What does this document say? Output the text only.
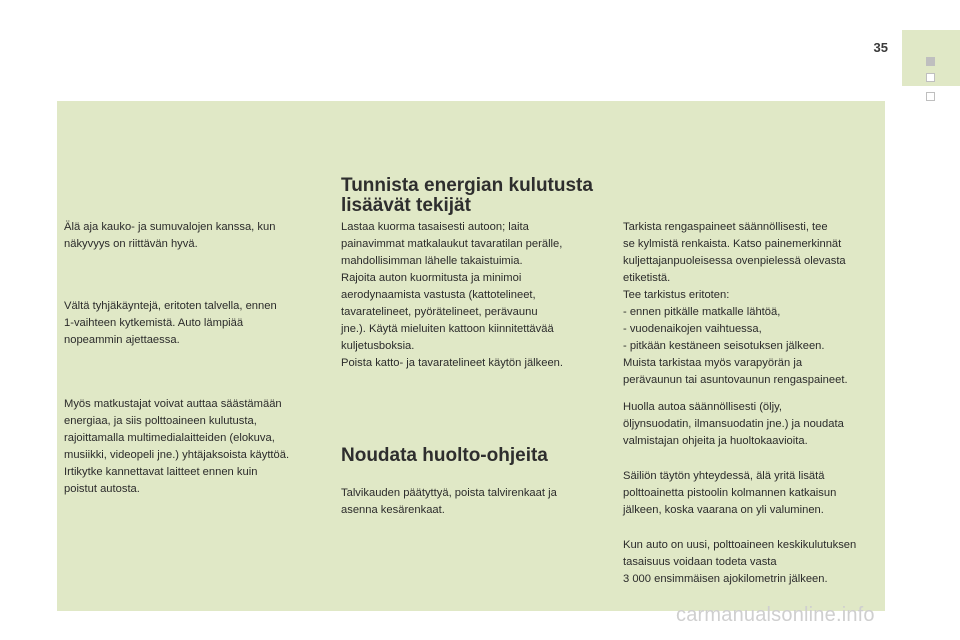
35

Älä aja kauko- ja sumuvalojen kanssa, kun
näkyvyys on riittävän hyvä.

Vältä tyhjäkäyntejä, eritoten talvella, ennen
1-vaihteen kytkemistä. Auto lämpiää
nopeammin ajettaessa.

Myös matkustajat voivat auttaa säästämään
energiaa, ja siis polttoaineen kulutusta,
rajoittamalla multimedialaitteiden (elokuva,
musiikki, videopeli jne.) yhtäjaksoista käyttöä.
Irtikytke kannettavat laitteet ennen kuin
poistut autosta.

Tunnista energian kulutusta
lisäävät tekijät

Lastaa kuorma tasaisesti autoon; laita
painavimmat matkalaukut tavaratilan perälle,
mahdollisimman lähelle takaistuimia.
Rajoita auton kuormitusta ja minimoi
aerodynaamista vastusta (kattotelineet,
tavaratelineet, pyörätelineet, perävaunu
jne.). Käytä mieluiten kattoon kiinnitettävää
kuljetusboksia.
Poista katto- ja tavaratelineet käytön jälkeen.

Noudata huolto-ohjeita

Talvikauden päätyttyä, poista talvirenkaat ja
asenna kesärenkaat.

Tarkista rengaspaineet säännöllisesti, tee
se kylmistä renkaista. Katso painemerkinnät
kuljettajanpuoleisessa ovenpielessä olevasta
etiketistä.
Tee tarkistus eritoten:
- ennen pitkälle matkalle lähtöä,
- vuodenaikojen vaihtuessa,
- pitkään kestäneen seisotuksen jälkeen.
Muista tarkistaa myös varapyörän ja
perävaunun tai asuntovaunun rengaspaineet.

Huolla autoa säännöllisesti (öljy,
öljynsuodatin, ilmansuodatin jne.) ja noudata
valmistajan ohjeita ja huoltokaavioita.

Säiliön täytön yhteydessä, älä yritä lisätä
polttoainetta pistoolin kolmannen katkaisun
jälkeen, koska vaarana on yli valuminen.

Kun auto on uusi, polttoaineen keskikulutuksen
tasaisuus voidaan todeta vasta
3 000 ensimmäisen ajokilometrin jälkeen.

carmanualsonline.info
